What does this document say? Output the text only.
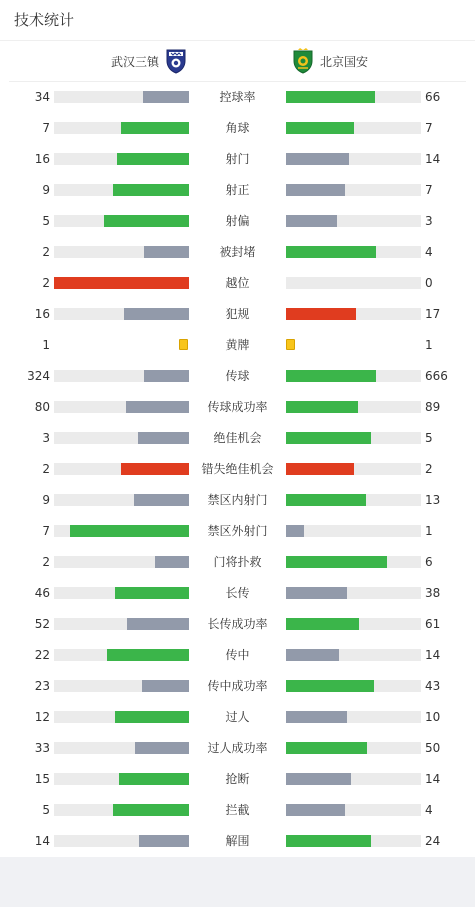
技术统计
武汉三镇	北京国安
34	控球率	66
7	角球	7
16	射门	14
9	射正	7
5	射偏	3
2	被封堵	4
2	越位	0
16	犯规	17
1	黄牌	1
324	传球	666
80	传球成功率	89
3	绝佳机会	5
2	错失绝佳机会	2
9	禁区内射门	13
7	禁区外射门	1
2	门将扑救	6
46	长传	38
52	长传成功率	61
22	传中	14
23	传中成功率	43
12	过人	10
33	过人成功率	50
15	抢断	14
5	拦截	4
14	解围	24
